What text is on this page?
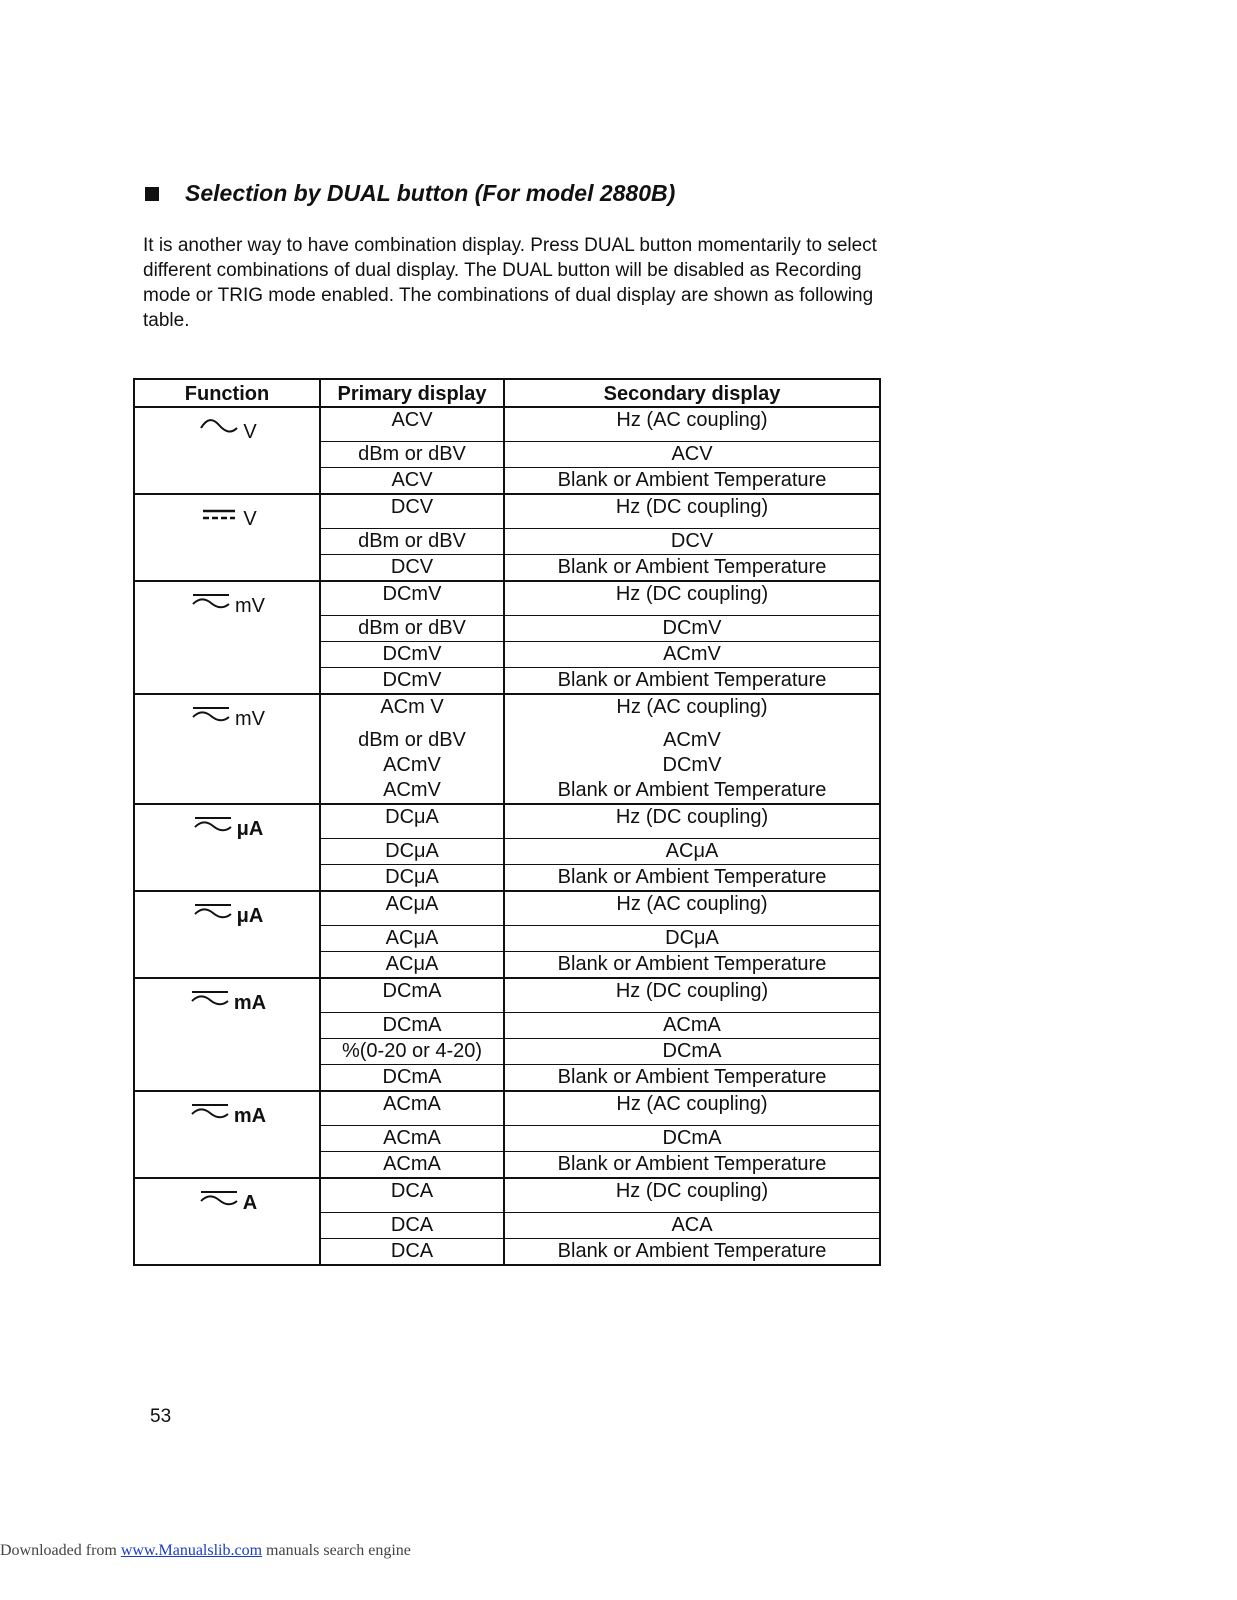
Selection by DUAL button (For model 2880B)
It is another way to have combination display. Press DUAL button momentarily to select different combinations of dual display. The DUAL button will be disabled as Recording mode or TRIG mode enabled. The combinations of dual display are shown as following table.
Function	Primary display	Secondary display

V	ACV	Hz (AC coupling)
	dBm or dBV	ACV
	ACV	Blank or Ambient Temperature

V	DCV	Hz (DC coupling)
	dBm or dBV	DCV
	DCV	Blank or Ambient Temperature

mV	DCmV	Hz (DC coupling)
	dBm or dBV	DCmV
	DCmV	ACmV
	DCmV	Blank or Ambient Temperature

mV	ACm V	Hz (AC coupling)
	dBm or dBV	ACmV
	ACmV	DCmV
	ACmV	Blank or Ambient Temperature

μA	DCμA	Hz (DC coupling)
	DCμA	ACμA
	DCμA	Blank or Ambient Temperature

μA	ACμA	Hz (AC coupling)
	ACμA	DCμA
	ACμA	Blank or Ambient Temperature

mA	DCmA	Hz (DC coupling)
	DCmA	ACmA
	%(0-20 or 4-20)	DCmA
	DCmA	Blank or Ambient Temperature

mA	ACmA	Hz (AC coupling)
	ACmA	DCmA
	ACmA	Blank or Ambient Temperature

A	DCA	Hz (DC coupling)
	DCA	ACA
	DCA	Blank or Ambient Temperature
53
Downloaded from www.Manualslib.com manuals search engine
